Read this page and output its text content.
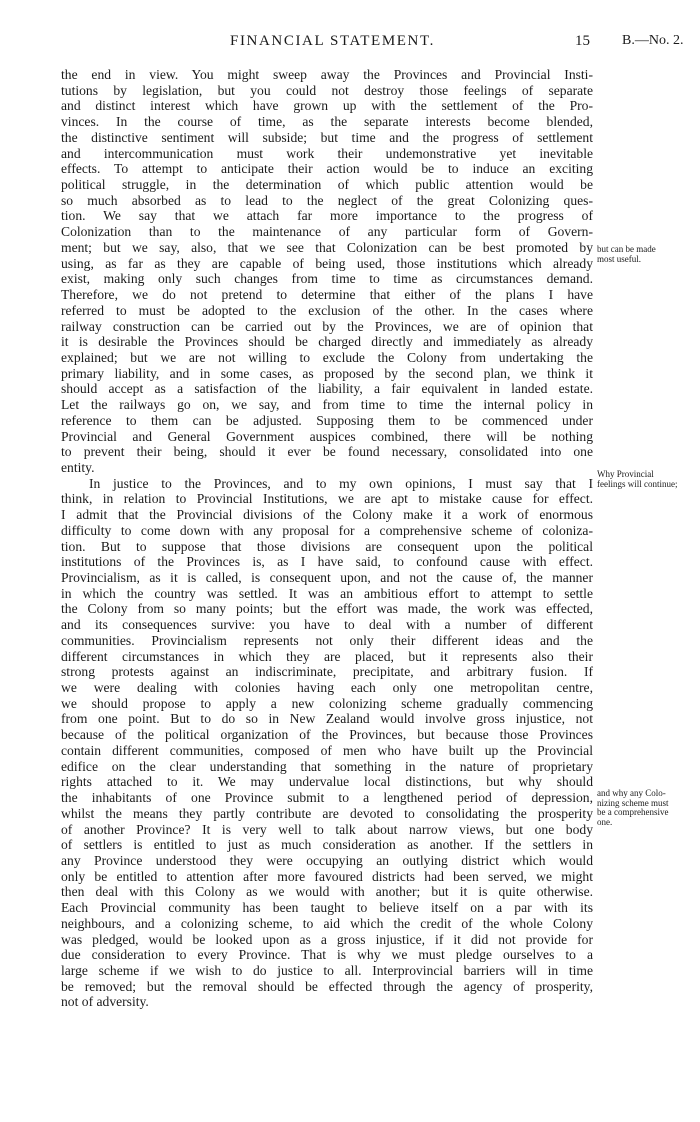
FINANCIAL STATEMENT.	15 B.—No. 2.
the end in view. You might sweep away the Provinces and Provincial Insti-
tutions by legislation, but you could not destroy those feelings of separate
and distinct interest which have grown up with the settlement of the Pro-
vinces. In the course of time, as the separate interests become blended,
the distinctive sentiment will subside; but time and the progress of settlement
and intercommunication must work their undemonstrative yet inevitable
effects. To attempt to anticipate their action would be to induce an exciting
political struggle, in the determination of which public attention would be
so much absorbed as to lead to the neglect of the great Colonizing ques-
tion. We say that we attach far more importance to the progress of
Colonization than to the maintenance of any particular form of Govern-
ment; but we say, also, that we see that Colonization can be best promoted by
using, as far as they are capable of being used, those institutions which already
exist, making only such changes from time to time as circumstances demand.
Therefore, we do not pretend to determine that either of the plans I have
referred to must be adopted to the exclusion of the other. In the cases where
railway construction can be carried out by the Provinces, we are of opinion that
it is desirable the Provinces should be charged directly and immediately as already
explained; but we are not willing to exclude the Colony from undertaking the
primary liability, and in some cases, as proposed by the second plan, we think it
should accept as a satisfaction of the liability, a fair equivalent in landed estate.
Let the railways go on, we say, and from time to time the internal policy in
reference to them can be adjusted. Supposing them to be commenced under
Provincial and General Government auspices combined, there will be nothing
to prevent their being, should it ever be found necessary, consolidated into one
entity.
In justice to the Provinces, and to my own opinions, I must say that I
think, in relation to Provincial Institutions, we are apt to mistake cause for effect.
I admit that the Provincial divisions of the Colony make it a work of enormous
difficulty to come down with any proposal for a comprehensive scheme of coloniza-
tion. But to suppose that those divisions are consequent upon the political
institutions of the Provinces is, as I have said, to confound cause with effect.
Provincialism, as it is called, is consequent upon, and not the cause of, the manner
in which the country was settled. It was an ambitious effort to attempt to settle
the Colony from so many points; but the effort was made, the work was effected,
and its consequences survive: you have to deal with a number of different
communities. Provincialism represents not only their different ideas and the
different circumstances in which they are placed, but it represents also their
strong protests against an indiscriminate, precipitate, and arbitrary fusion. If
we were dealing with colonies having each only one metropolitan centre,
we should propose to apply a new colonizing scheme gradually commencing
from one point. But to do so in New Zealand would involve gross injustice, not
because of the political organization of the Provinces, but because those Provinces
contain different communities, composed of men who have built up the Provincial
edifice on the clear understanding that something in the nature of proprietary
rights attached to it. We may undervalue local distinctions, but why should
the inhabitants of one Province submit to a lengthened period of depression,
whilst the means they partly contribute are devoted to consolidating the prosperity
of another Province? It is very well to talk about narrow views, but one body
of settlers is entitled to just as much consideration as another. If the settlers in
any Province understood they were occupying an outlying district which would
only be entitled to attention after more favoured districts had been served, we might
then deal with this Colony as we would with another; but it is quite otherwise.
Each Provincial community has been taught to believe itself on a par with its
neighbours, and a colonizing scheme, to aid which the credit of the whole Colony
was pledged, would be looked upon as a gross injustice, if it did not provide for
due consideration to every Province. That is why we must pledge ourselves to a
large scheme if we wish to do justice to all. Interprovincial barriers will in time
be removed; but the removal should be effected through the agency of prosperity,
not of adversity.
but can be made
most useful.
Why Provincial
feelings will continue;
and why any Colo-
nizing scheme must
be a comprehensive
one.
